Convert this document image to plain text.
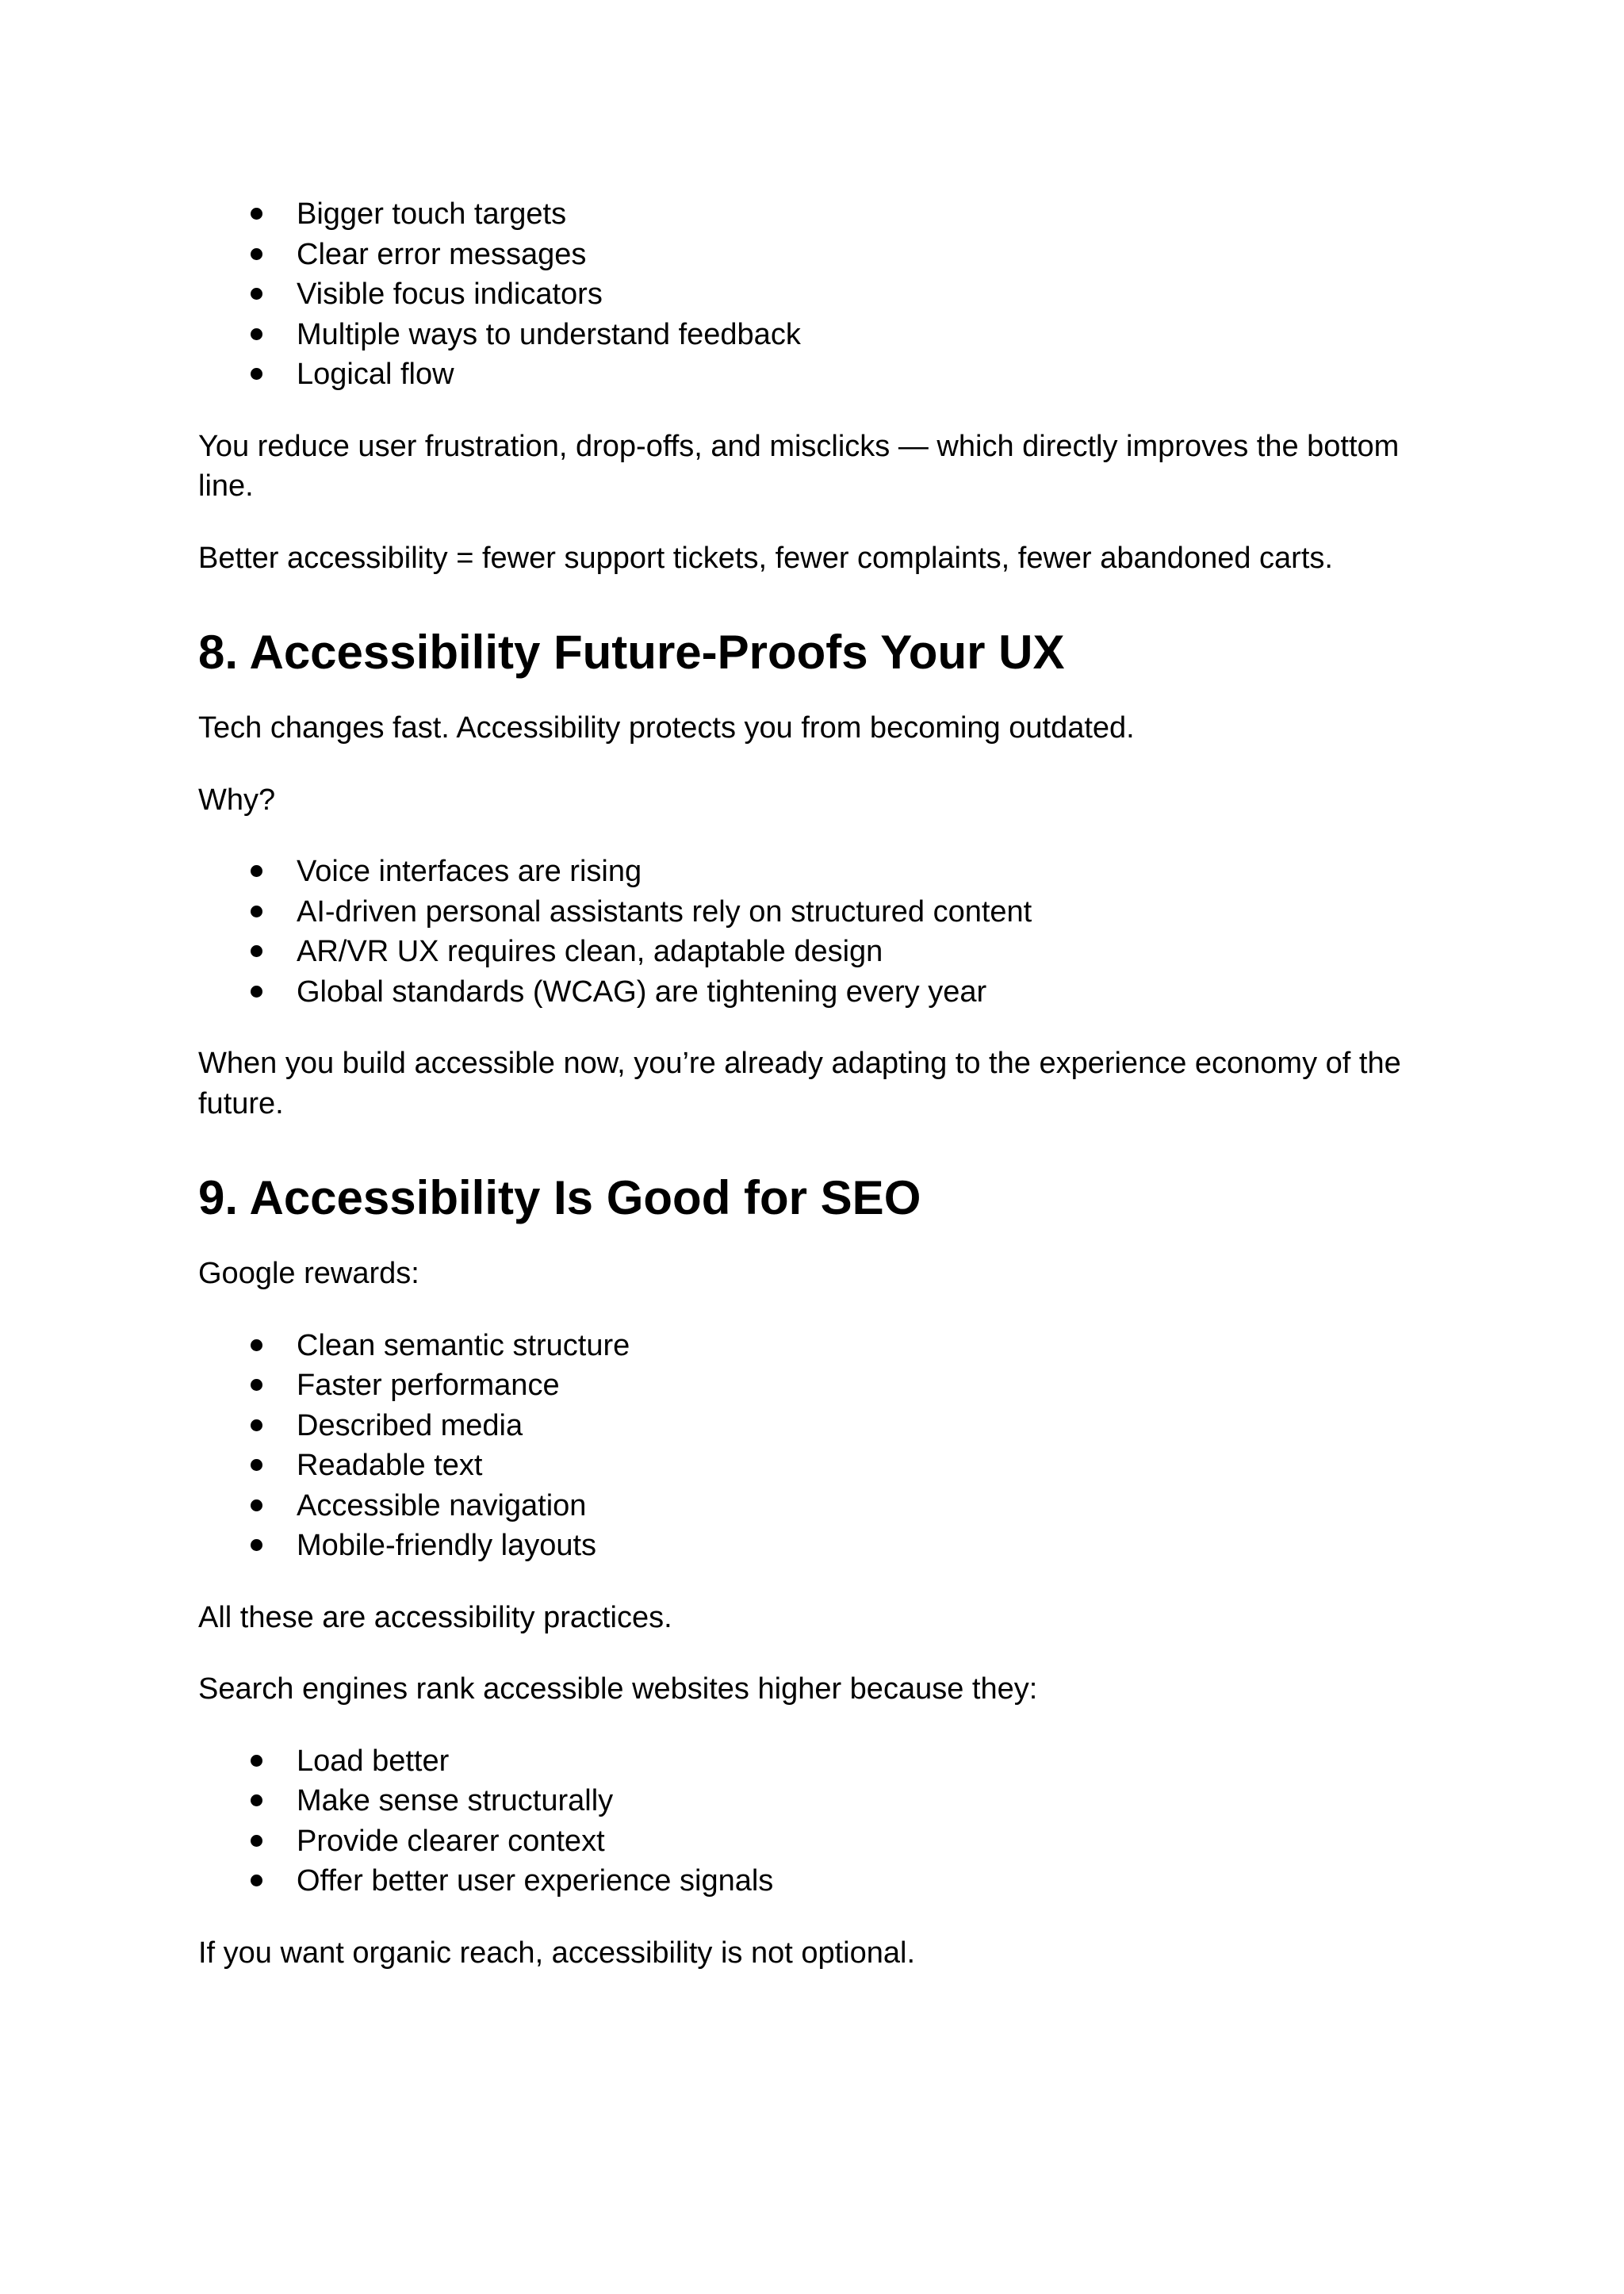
Bigger touch targets
Clear error messages
Visible focus indicators
Multiple ways to understand feedback
Logical flow

You reduce user frustration, drop-offs, and misclicks — which directly improves the bottom line.

Better accessibility = fewer support tickets, fewer complaints, fewer abandoned carts.

8. Accessibility Future-Proofs Your UX

Tech changes fast. Accessibility protects you from becoming outdated.

Why?

Voice interfaces are rising
AI-driven personal assistants rely on structured content
AR/VR UX requires clean, adaptable design
Global standards (WCAG) are tightening every year

When you build accessible now, you’re already adapting to the experience economy of the future.

9. Accessibility Is Good for SEO

Google rewards:

Clean semantic structure
Faster performance
Described media
Readable text
Accessible navigation
Mobile-friendly layouts

All these are accessibility practices.

Search engines rank accessible websites higher because they:

Load better
Make sense structurally
Provide clearer context
Offer better user experience signals

If you want organic reach, accessibility is not optional.
